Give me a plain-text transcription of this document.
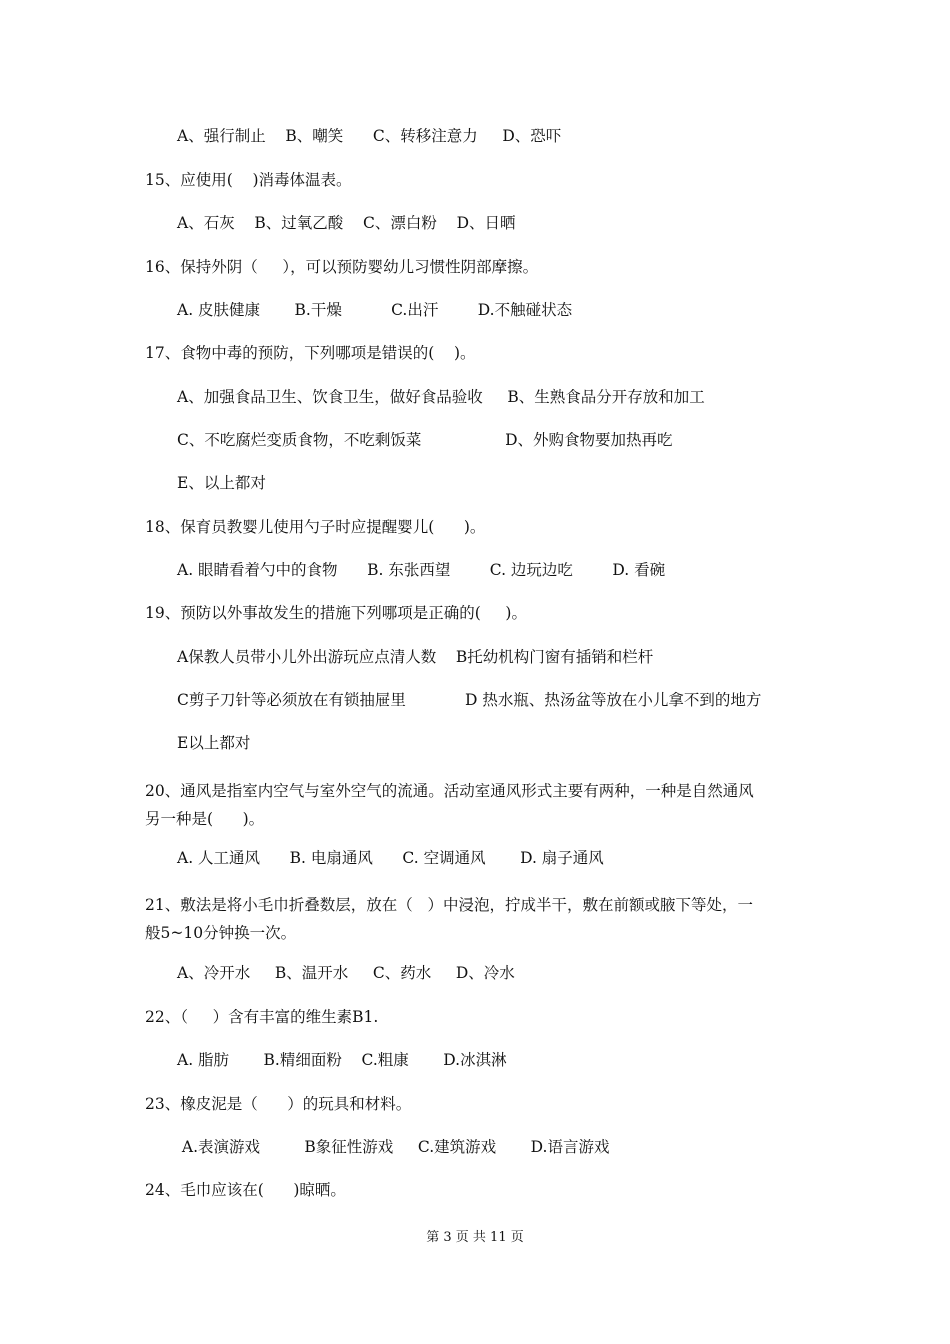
A、强行制止    B、嘲笑      C、转移注意力     D、恐吓
15、应使用(    )消毒体温表。
A、石灰    B、过氧乙酸    C、漂白粉    D、日晒
16、保持外阴（     ），可以预防婴幼儿习惯性阴部摩擦。
A. 皮肤健康       B.干燥          C.出汗        D.不触碰状态
17、食物中毒的预防，下列哪项是错误的(    )。
A、加强食品卫生、饮食卫生，做好食品验收     B、生熟食品分开存放和加工
C、不吃腐烂变质食物，不吃剩饭菜                 D、外购食物要加热再吃
E、以上都对
18、保育员教婴儿使用勺子时应提醒婴儿(      )。
A. 眼睛看着勺中的食物      B. 东张西望        C. 边玩边吃        D. 看碗
19、预防以外事故发生的措施下列哪项是正确的(     )。
A保教人员带小儿外出游玩应点清人数    B托幼机构门窗有插销和栏杆
C剪子刀针等必须放在有锁抽屉里            D 热水瓶、热汤盆等放在小儿拿不到的地方
E以上都对
20、通风是指室内空气与室外空气的流通。活动室通风形式主要有两种，一种是自然通风
另一种是(      )。
A. 人工通风      B. 电扇通风      C. 空调通风       D. 扇子通风
21、敷法是将小毛巾折叠数层，放在（   ）中浸泡，拧成半干，敷在前额或腋下等处，一
般5~10分钟换一次。
A、冷开水     B、温开水     C、药水     D、冷水
22、（     ）含有丰富的维生素B1.
A. 脂肪       B.精细面粉    C.粗康       D.冰淇淋
23、橡皮泥是（      ）的玩具和材料。
A.表演游戏         B象征性游戏     C.建筑游戏       D.语言游戏
24、毛巾应该在(      )晾晒。
第 3 页 共 11 页
